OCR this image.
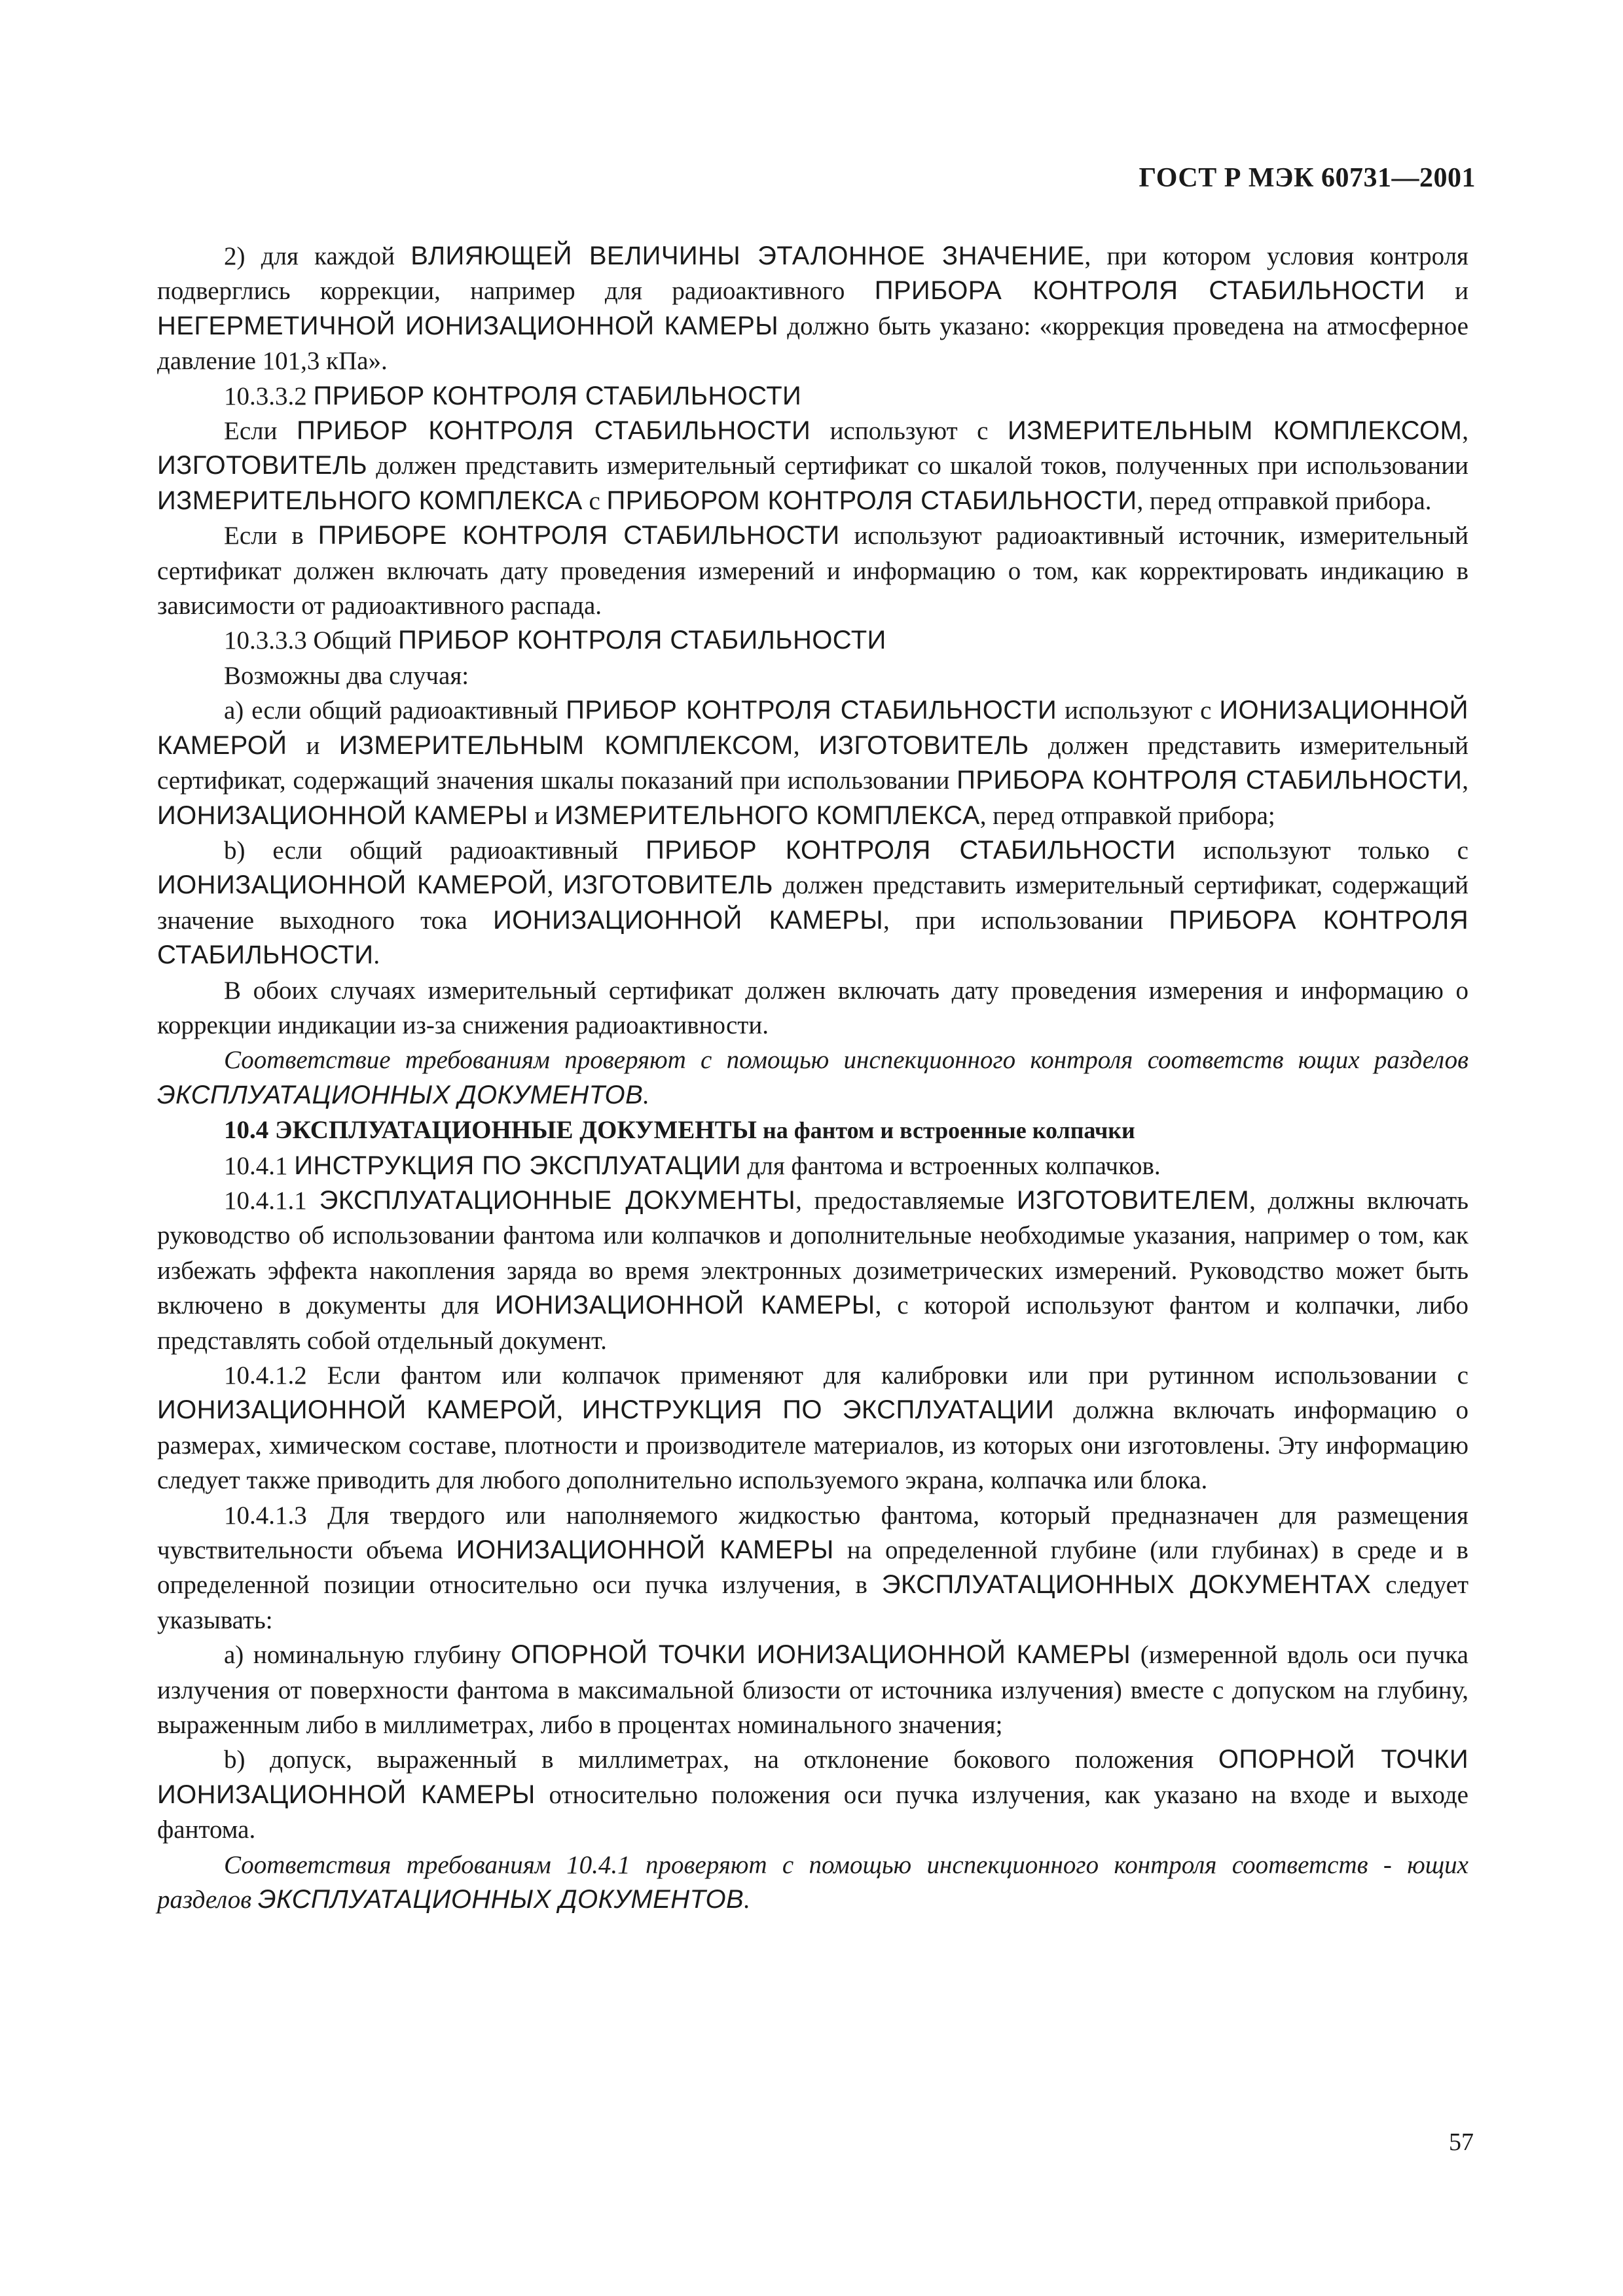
ГОСТ Р МЭК 60731—2001

2) для каждой ВЛИЯЮЩЕЙ ВЕЛИЧИНЫ ЭТАЛОННОЕ ЗНАЧЕНИЕ, при котором условия контроля подверглись коррекции, например для радиоактивного ПРИБОРА КОНТРОЛЯ СТАБИЛЬНОСТИ и НЕГЕРМЕТИЧНОЙ ИОНИЗАЦИОННОЙ КАМЕРЫ должно быть указано: «коррекция проведена на атмосферное давление 101,3 кПа».

10.3.3.2 ПРИБОР КОНТРОЛЯ СТАБИЛЬНОСТИ

Если ПРИБОР КОНТРОЛЯ СТАБИЛЬНОСТИ используют с ИЗМЕРИТЕЛЬНЫМ КОМПЛЕКСОМ, ИЗГОТОВИТЕЛЬ должен представить измерительный сертификат со шкалой токов, полученных при использовании ИЗМЕРИТЕЛЬНОГО КОМПЛЕКСА с ПРИБОРОМ КОНТРОЛЯ СТАБИЛЬНОСТИ, перед отправкой прибора.

Если в ПРИБОРЕ КОНТРОЛЯ СТАБИЛЬНОСТИ используют радиоактивный источник, измерительный сертификат должен включать дату проведения измерений и информацию о том, как корректировать индикацию в зависимости от радиоактивного распада.

10.3.3.3 Общий ПРИБОР КОНТРОЛЯ СТАБИЛЬНОСТИ

Возможны два случая:

а) если общий радиоактивный ПРИБОР КОНТРОЛЯ СТАБИЛЬНОСТИ используют с ИОНИЗАЦИОННОЙ КАМЕРОЙ и ИЗМЕРИТЕЛЬНЫМ КОМПЛЕКСОМ, ИЗГОТОВИТЕЛЬ должен представить измерительный сертификат, содержащий значения шкалы показаний при использовании ПРИБОРА КОНТРОЛЯ СТАБИЛЬНОСТИ, ИОНИЗАЦИОННОЙ КАМЕРЫ и ИЗМЕРИТЕЛЬНОГО КОМПЛЕКСА, перед отправкой прибора;

b) если общий радиоактивный ПРИБОР КОНТРОЛЯ СТАБИЛЬНОСТИ используют только с ИОНИЗАЦИОННОЙ КАМЕРОЙ, ИЗГОТОВИТЕЛЬ должен представить измерительный сертификат, содержащий значение выходного тока ИОНИЗАЦИОННОЙ КАМЕРЫ, при использовании ПРИБОРА КОНТРОЛЯ СТАБИЛЬНОСТИ.

В обоих случаях измерительный сертификат должен включать дату проведения измерения и информацию о коррекции индикации из-за снижения радиоактивности.

Соответствие требованиям проверяют с помощью инспекционного контроля соответств ющих разделов ЭКСПЛУАТАЦИОННЫХ ДОКУМЕНТОВ.

10.4 ЭКСПЛУАТАЦИОННЫЕ ДОКУМЕНТЫ на фантом и встроенные колпачки

10.4.1 ИНСТРУКЦИЯ ПО ЭКСПЛУАТАЦИИ для фантома и встроенных колпачков.

10.4.1.1 ЭКСПЛУАТАЦИОННЫЕ ДОКУМЕНТЫ, предоставляемые ИЗГОТОВИТЕЛЕМ, должны включать руководство об использовании фантома или колпачков и дополнительные необходимые указания, например о том, как избежать эффекта накопления заряда во время электронных дозиметрических измерений. Руководство может быть включено в документы для ИОНИЗАЦИОННОЙ КАМЕРЫ, с которой используют фантом и колпачки, либо представлять собой отдельный документ.

10.4.1.2 Если фантом или колпачок применяют для калибровки или при рутинном использовании с ИОНИЗАЦИОННОЙ КАМЕРОЙ, ИНСТРУКЦИЯ ПО ЭКСПЛУАТАЦИИ должна включать информацию о размерах, химическом составе, плотности и производителе материалов, из которых они изготовлены. Эту информацию следует также приводить для любого дополнительно используемого экрана, колпачка или блока.

10.4.1.3 Для твердого или наполняемого жидкостью фантома, который предназначен для размещения чувствительности объема ИОНИЗАЦИОННОЙ КАМЕРЫ на определенной глубине (или глубинах) в среде и в определенной позиции относительно оси пучка излучения, в ЭКСПЛУАТАЦИОННЫХ ДОКУМЕНТАХ следует указывать:

а) номинальную глубину ОПОРНОЙ ТОЧКИ ИОНИЗАЦИОННОЙ КАМЕРЫ (измеренной вдоль оси пучка излучения от поверхности фантома в максимальной близости от источника излучения) вместе с допуском на глубину, выраженным либо в миллиметрах, либо в процентах номинального значения;

b) допуск, выраженный в миллиметрах, на отклонение бокового положения ОПОРНОЙ ТОЧКИ ИОНИЗАЦИОННОЙ КАМЕРЫ относительно положения оси пучка излучения, как указано на входе и выходе фантома.

Соответствия требованиям 10.4.1 проверяют с помощью инспекционного контроля соответств - ющих разделов ЭКСПЛУАТАЦИОННЫХ ДОКУМЕНТОВ.

57
